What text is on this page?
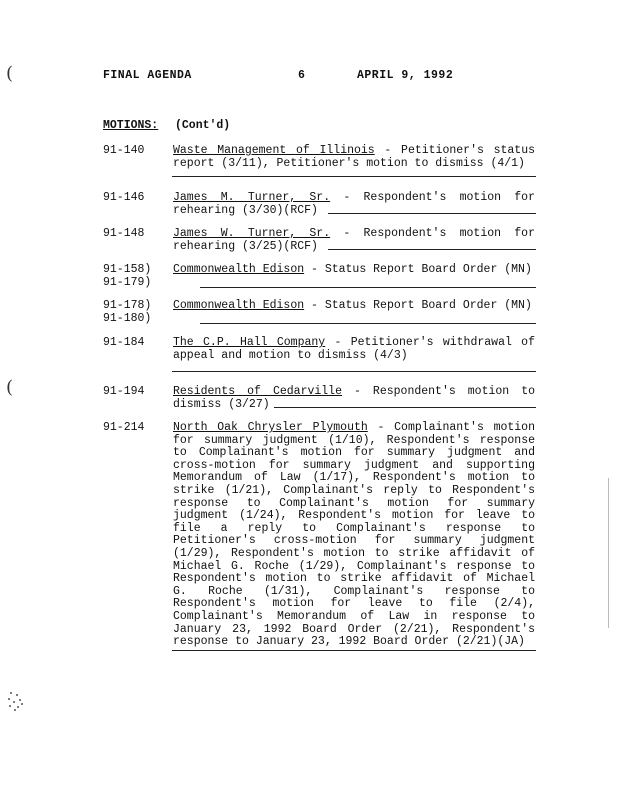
(
(
FINAL AGENDA	6	APRIL 9, 1992
MOTIONS: (Cont'd)
91-140 Waste Management of Illinois - Petitioner's status report (3/11), Petitioner's motion to dismiss (4/1)
91-146 James M. Turner, Sr. - Respondent's motion for rehearing (3/30)(RCF)
91-148 James W. Turner, Sr. - Respondent's motion for rehearing (3/25)(RCF)
91-158)
91-179)
Commonwealth Edison - Status Report Board Order (MN)
91-178)
91-180)
Commonwealth Edison - Status Report Board Order (MN)
91-184 The C.P. Hall Company - Petitioner's withdrawal of appeal and motion to dismiss (4/3)
91-194 Residents of Cedarville - Respondent's motion to dismiss (3/27)
91-214 North Oak Chrysler Plymouth - Complainant's motion for summary judgment (1/10), Respondent's response to Complainant's motion for summary judgment and cross-motion for summary judgment and supporting Memorandum of Law (1/17), Respondent's motion to strike (1/21), Complainant's reply to Respondent's response to Complainant's motion for summary judgment (1/24), Respondent's motion for leave to file a reply to Complainant's response to Petitioner's cross-motion for summary judgment (1/29), Respondent's motion to strike affidavit of Michael G. Roche (1/29), Complainant's response to Respondent's motion to strike affidavit of Michael G. Roche (1/31), Complainant's response to Respondent's motion for leave to file (2/4), Complainant's Memorandum of Law in response to January 23, 1992 Board Order (2/21), Respondent's response to January 23, 1992 Board Order (2/21)(JA)
